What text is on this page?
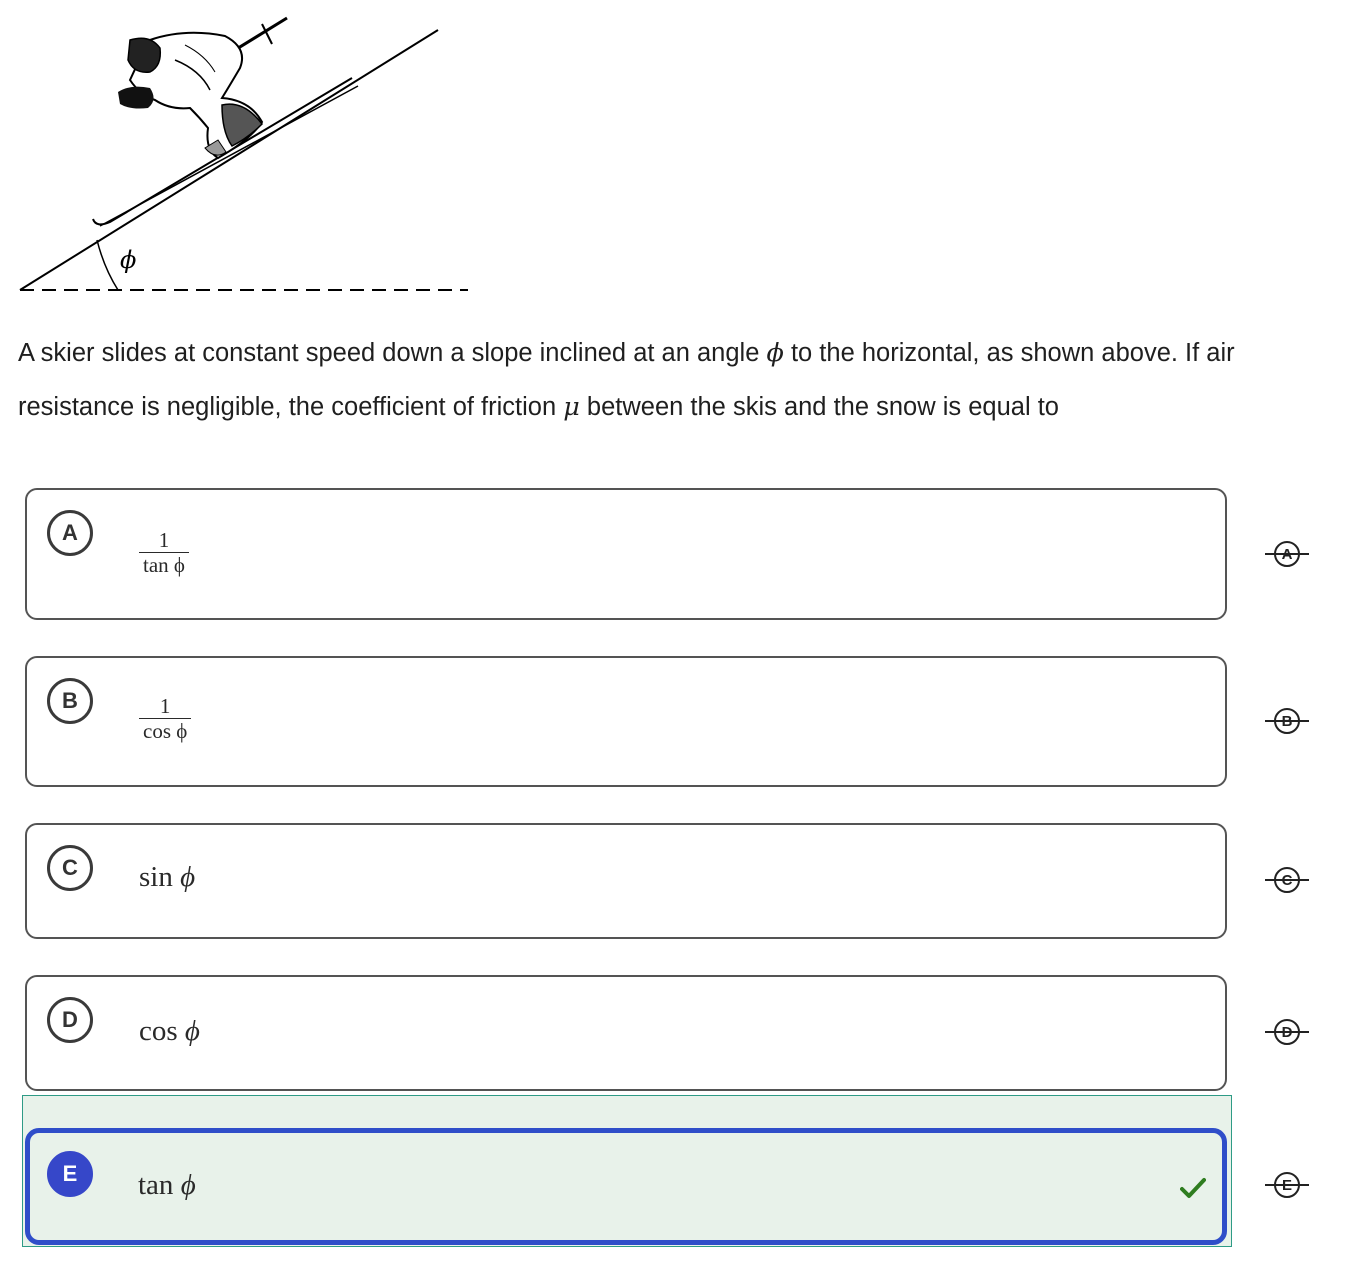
ϕ
A skier slides at constant speed down a slope inclined at an angle ϕ to the horizontal, as shown above. If air resistance is negligible, the coefficient of friction μ between the skis and the snow is equal to
A	$\frac{1}{\text{tan ϕ}}$
B	$\frac{1}{\text{cos ϕ}}$
C	sin ϕ
D	cos ϕ
E	tan ϕ
